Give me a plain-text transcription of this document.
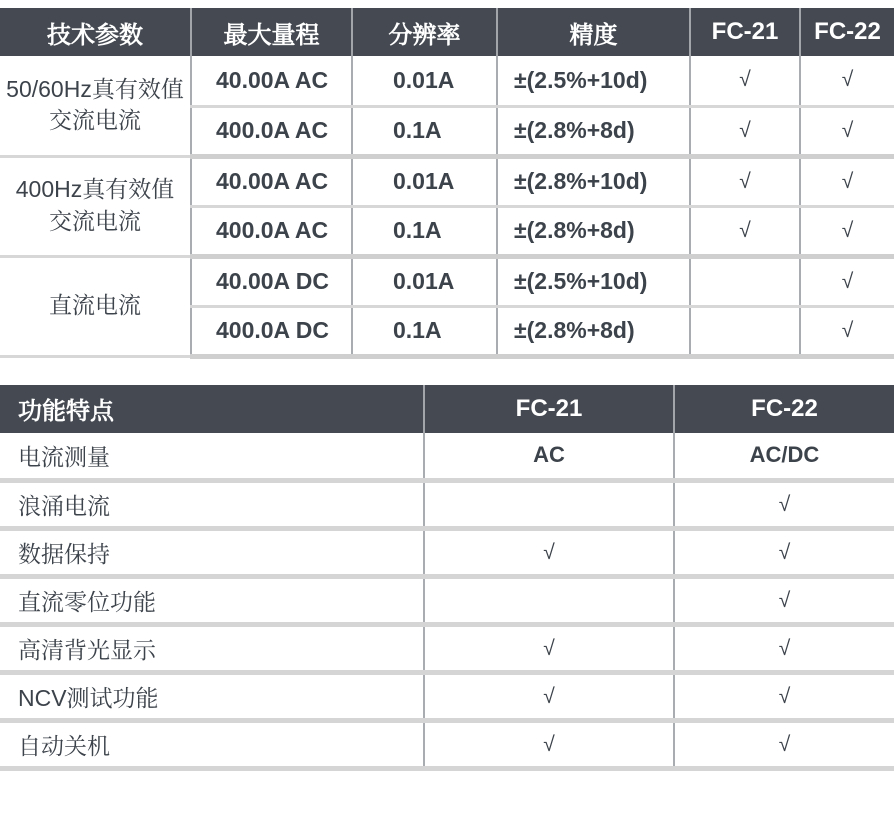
技术参数	最大量程	分辨率	精度	FC-21	FC-22
50/60Hz真有效值交流电流	40.00A AC	0.01A	±(2.5%+10d)	√	√
	400.0A AC	0.1A	±(2.8%+8d)	√	√
400Hz真有效值交流电流	40.00A AC	0.01A	±(2.8%+10d)	√	√
	400.0A AC	0.1A	±(2.8%+8d)	√	√
直流电流	40.00A DC	0.01A	±(2.5%+10d)		√
	400.0A DC	0.1A	±(2.8%+8d)		√
功能特点	FC-21	FC-22
电流测量	AC	AC/DC
浪涌电流		√
数据保持	√	√
直流零位功能		√
高清背光显示	√	√
NCV测试功能	√	√
自动关机	√	√
